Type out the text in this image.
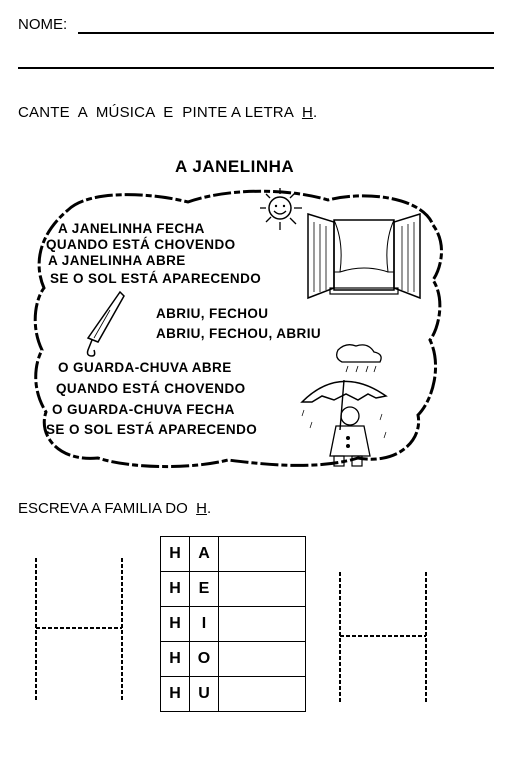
NOME:
CANTE  A  MÚSICA  E  PINTE A LETRA  H.
A JANELINHA
A JANELINHA FECHA
QUANDO ESTÁ CHOVENDO
A JANELINHA ABRE
SE O SOL ESTÁ APARECENDO
ABRIU, FECHOU
ABRIU, FECHOU, ABRIU
O GUARDA-CHUVA ABRE
QUANDO ESTÁ CHOVENDO
O GUARDA-CHUVA FECHA
SE O SOL ESTÁ APARECENDO
ESCREVA A FAMILIA DO  H.
H	A	
H	E	
H	I	
H	O	
H	U	
